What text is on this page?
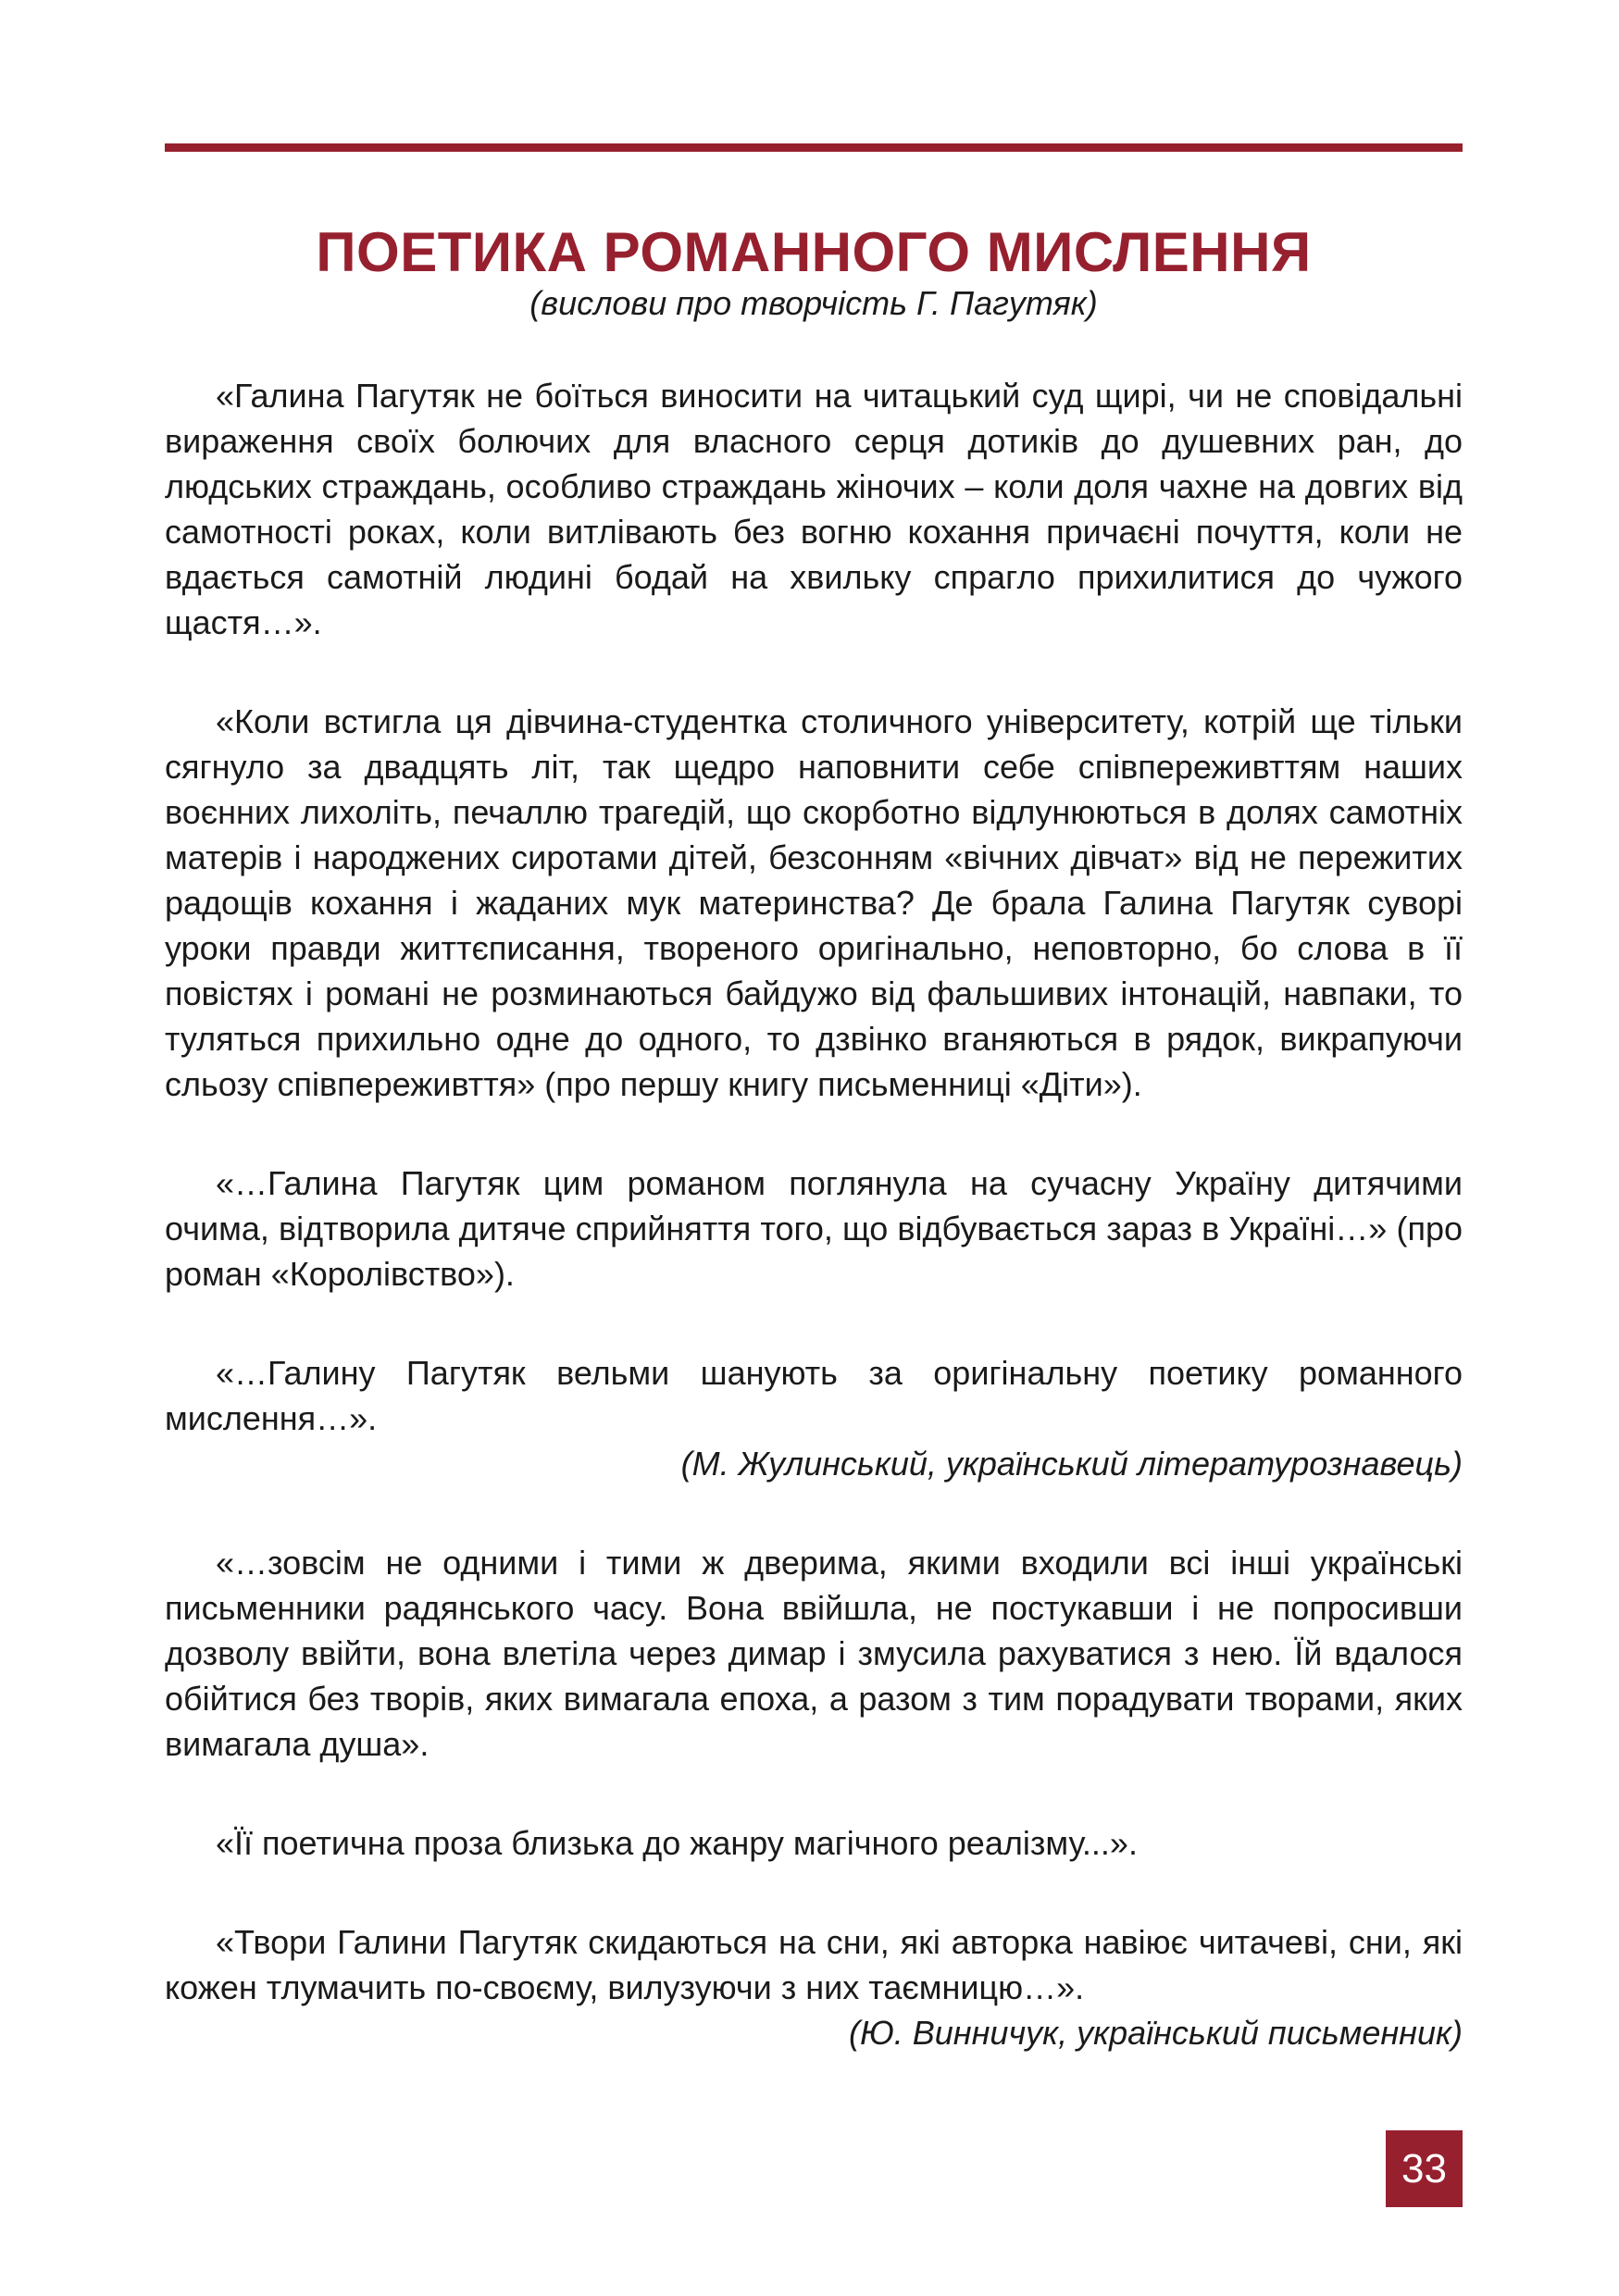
ПОЕТИКА РОМАННОГО МИСЛЕННЯ

(вислови про творчість Г. Пагутяк)

«Галина Пагутяк не боїться виносити на читацький суд щирі, чи не сповідальні вираження своїх болючих для власного серця дотиків до душевних ран, до людських страждань, особливо страждань жіночих – коли доля чахне на довгих від самотності роках, коли витлівають без вогню кохання причаєні почуття, коли не вдається самотній людині бодай на хвильку спрагло прихилитися до чужого щастя…».

«Коли встигла ця дівчина-студентка столичного університету, котрій ще тільки сягнуло за двадцять літ, так щедро наповнити себе співпереживттям наших воєнних лихоліть, печаллю трагедій, що скорботно відлунюються в долях самотніх матерів і народжених сиротами дітей, безсонням «вічних дівчат» від не пережитих радощів кохання і жаданих мук материнства? Де брала Галина Пагутяк суворі уроки правди життєписання, твореного оригінально, неповторно, бо слова в її повістях і романі не розминаються байдужо від фальшивих інтонацій, навпаки, то туляться прихильно одне до одного, то дзвінко вганяються в рядок, викрапуючи сльозу співпереживття» (про першу книгу письменниці «Діти»).

«…Галина Пагутяк цим романом поглянула на сучасну Україну дитячими очима, відтворила дитяче сприйняття того, що відбувається зараз в Україні…» (про роман «Королівство»).

«…Галину Пагутяк вельми шанують за оригінальну поетику романного мислення…».

(М. Жулинський, український літературознавець)

«…зовсім не одними і тими ж дверима, якими входили всі інші українські письменники радянського часу. Вона ввійшла, не постукавши і не попросивши дозволу ввійти, вона влетіла через димар і змусила рахуватися з нею. Їй вдалося обійтися без творів, яких вимагала епоха, а разом з тим порадувати творами, яких вимагала душа».

«Її поетична проза близька до жанру магічного реалізму...».

«Твори Галини Пагутяк скидаються на сни, які авторка навіює читачеві, сни, які кожен тлумачить по-своєму, вилузуючи з них таємницю…».

(Ю. Винничук, український письменник)

33
